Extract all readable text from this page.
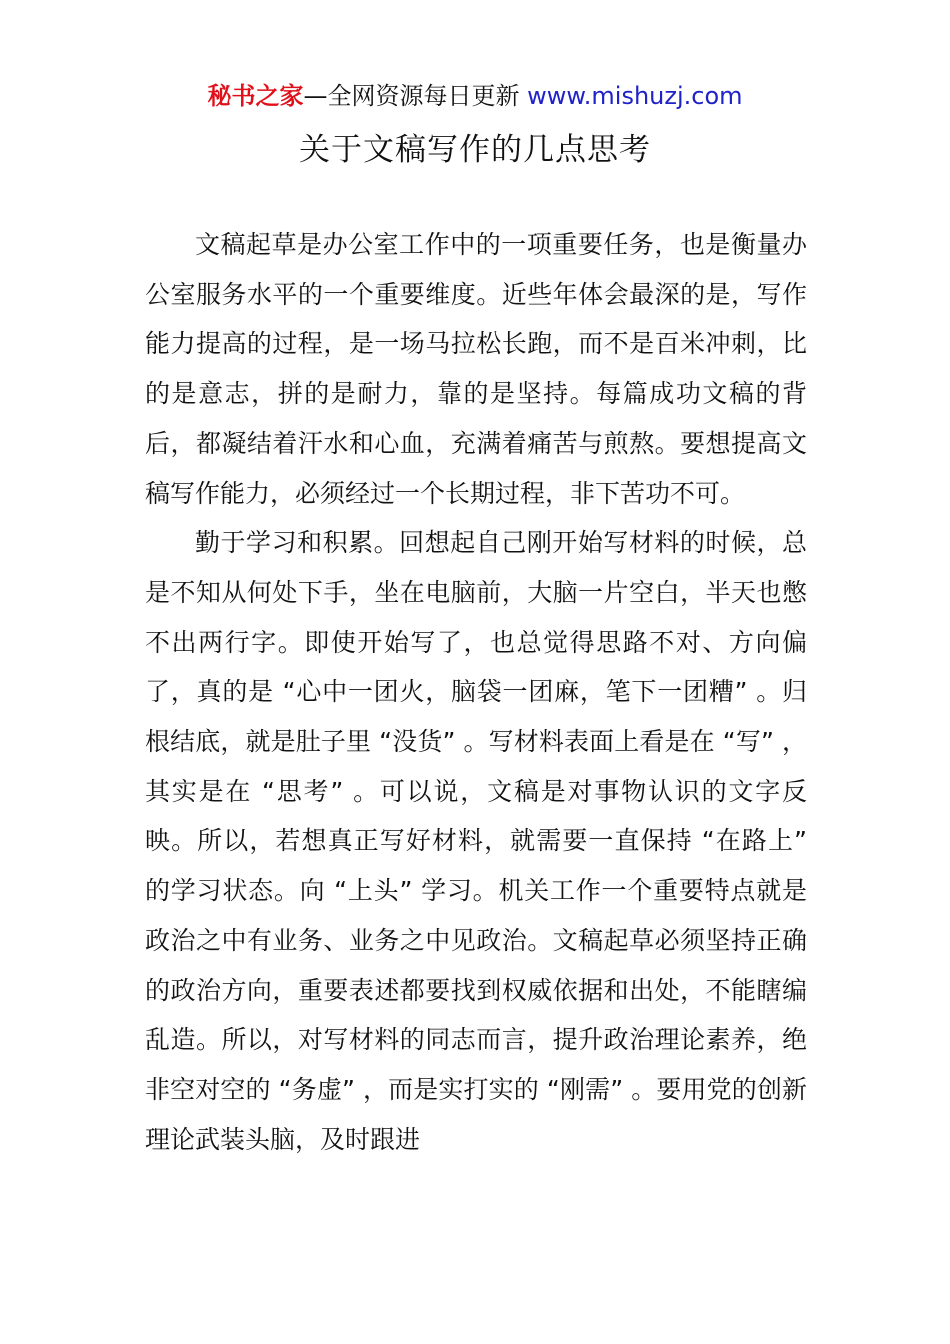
秘书之家—全网资源每日更新 www.mishuzj.com
关于文稿写作的几点思考

文稿起草是办公室工作中的一项重要任务，也是衡量办公室服务水平的一个重要维度。近些年体会最深的是，写作能力提高的过程，是一场马拉松长跑，而不是百米冲刺，比的是意志，拼的是耐力，靠的是坚持。每篇成功文稿的背后，都凝结着汗水和心血，充满着痛苦与煎熬。要想提高文稿写作能力，必须经过一个长期过程，非下苦功不可。

勤于学习和积累。回想起自己刚开始写材料的时候，总是不知从何处下手，坐在电脑前，大脑一片空白，半天也憋不出两行字。即使开始写了，也总觉得思路不对、方向偏了，真的是 “心中一团火，脑袋一团麻，笔下一团糟” 。归根结底，就是肚子里 “没货” 。写材料表面上看是在 “写” ，其实是在 “思考” 。可以说，文稿是对事物认识的文字反映。所以，若想真正写好材料，就需要一直保持 “在路上” 的学习状态。向 “上头” 学习。机关工作一个重要特点就是政治之中有业务、业务之中见政治。文稿起草必须坚持正确的政治方向，重要表述都要找到权威依据和出处，不能瞎编乱造。所以，对写材料的同志而言，提升政治理论素养，绝非空对空的 “务虚” ，而是实打实的 “刚需” 。要用党的创新理论武装头脑，及时跟进
